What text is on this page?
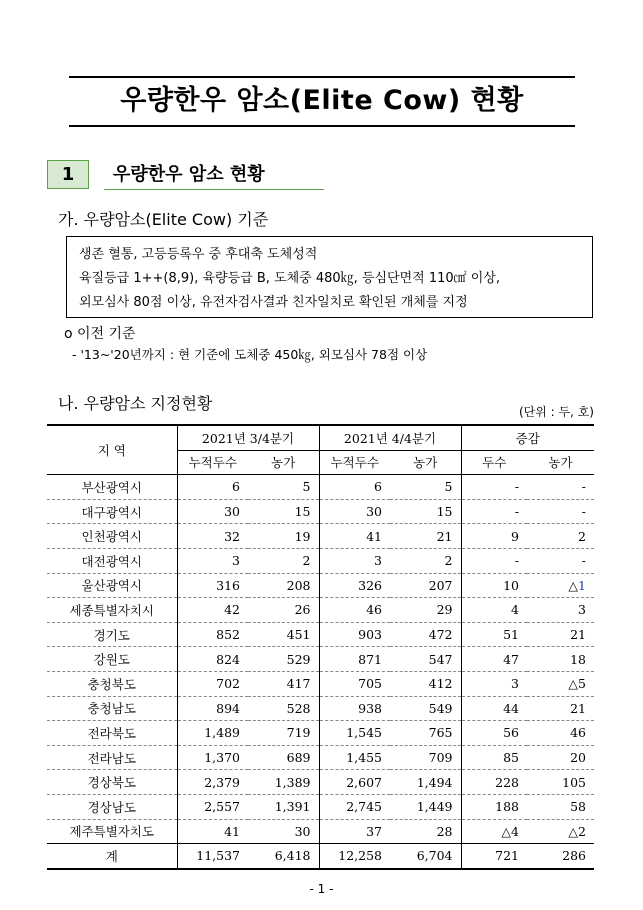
우량한우 암소(Elite Cow) 현황
1	우량한우 암소 현황
가. 우량암소(Elite Cow) 기준
생존 혈통, 고등등록우 중 후대축 도체성적
육질등급 1++(8,9), 육량등급 B, 도체중 480㎏, 등심단면적 110㎠ 이상,
외모심사 80점 이상, 유전자검사결과 친자일치로 확인된 개체를 지정
o 이전 기준
- '13~'20년까지 : 현 기준에 도체중 450㎏, 외모심사 78점 이상
나. 우량암소 지정현황	(단위 : 두, 호)
지 역	2021년 3/4분기		2021년 4/4분기		증감	
	누적두수	농가	누적두수	농가	두수	농가
부산광역시	6	5	6	5	-	-
대구광역시	30	15	30	15	-	-
인천광역시	32	19	41	21	9	2
대전광역시	3	2	3	2	-	-
울산광역시	316	208	326	207	10	△1
세종특별자치시	42	26	46	29	4	3
경기도	852	451	903	472	51	21
강원도	824	529	871	547	47	18
충청북도	702	417	705	412	3	△5
충청남도	894	528	938	549	44	21
전라북도	1,489	719	1,545	765	56	46
전라남도	1,370	689	1,455	709	85	20
경상북도	2,379	1,389	2,607	1,494	228	105
경상남도	2,557	1,391	2,745	1,449	188	58
제주특별자치도	41	30	37	28	△4	△2
계	11,537	6,418	12,258	6,704	721	286
- 1 -
